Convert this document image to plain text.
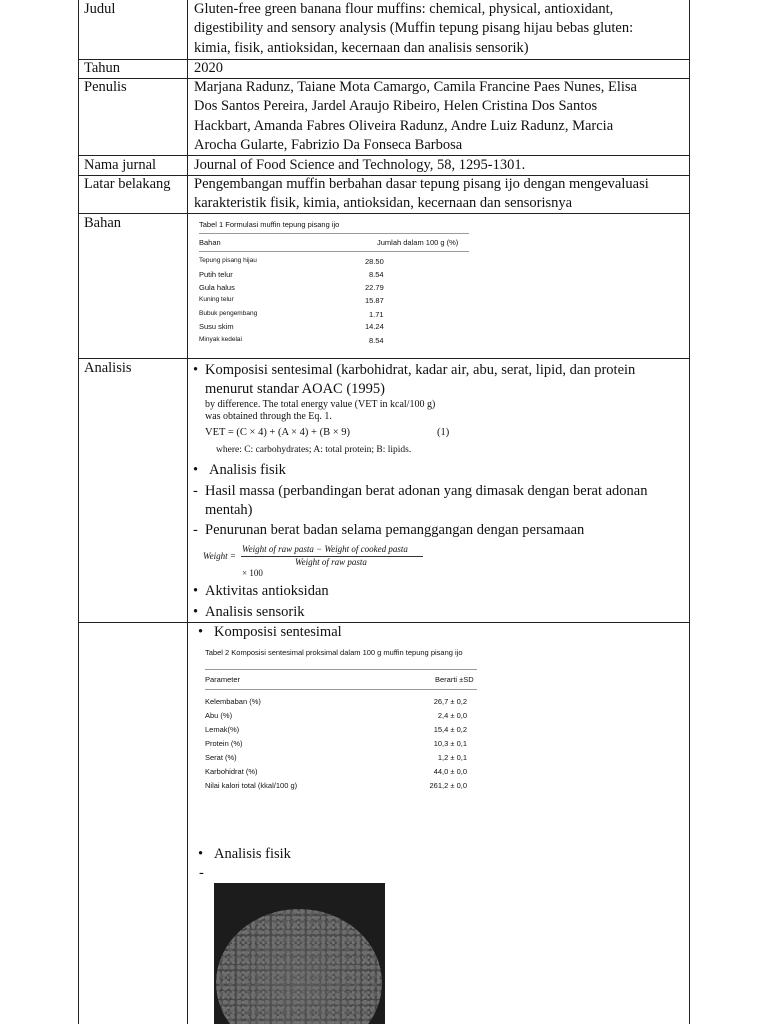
Judul	Gluten-free green banana flour muffins: chemical, physical, antioxidant,
digestibility and sensory analysis (Muffin tepung pisang hijau bebas gluten:
kimia, fisik, antioksidan, kecernaan dan analisis sensorik)
Tahun	2020
Penulis	Marjana Radunz, Taiane Mota Camargo, Camila Francine Paes Nunes, Elisa
Dos Santos Pereira, Jardel Araujo Ribeiro, Helen Cristina Dos Santos
Hackbart, Amanda Fabres Oliveira Radunz, Andre Luiz Radunz, Marcia
Arocha Gularte, Fabrizio Da Fonseca Barbosa
Nama jurnal	Journal of Food Science and Technology, 58, 1295-1301.
Latar belakang Pengembangan muffin berbahan dasar tepung pisang ijo dengan mengevaluasi
karakteristik fisik, kimia, antioksidan, kecernaan dan sensorisnya
Bahan	Tabel 1 Formulasi muffin tepung pisang ijo
Bahan	Jumlah dalam 100 g (%)
Tepung pisang hijau	28.50
Putih telur	8.54
Gula halus	22.79
Kuning telur	15.87
Bubuk pengembang	1.71
Susu skim	14.24
Minyak kedelai	8.54
Analisis	• Komposisi sentesimal (karbohidrat, kadar air, abu, serat, lipid, dan protein
menurut standar AOAC (1995)
by difference. The total energy value (VET in kcal/100 g)
was obtained through the Eq. 1.
VET = (C × 4) + (A × 4) + (B × 9)	(1)
where: C: carbohydrates; A: total protein; B: lipids.
• Analisis fisik
- Hasil massa (perbandingan berat adonan yang dimasak dengan berat adonan
mentah)
- Penurunan berat badan selama pemanggangan dengan persamaan
Weight =
Weight of raw pasta − Weight of cooked pasta
Weight of raw pasta
× 100
• Aktivitas antioksidan
• Analisis sensorik
• Komposisi sentesimal
Tabel 2 Komposisi sentesimal proksimal dalam 100 g muffin tepung pisang ijo
Parameter	Berarti ±SD
Kelembaban (%)	26,7 ± 0,2
Abu (%)	2,4 ± 0,0
Lemak(%)	15,4 ± 0,2
Protein (%)	10,3 ± 0,1
Serat (%)	1,2 ± 0,1
Karbohidrat (%)	44,0 ± 0,0
Nilai kalori total (kkal/100 g)	261,2 ± 0,0
• Analisis fisik
-
